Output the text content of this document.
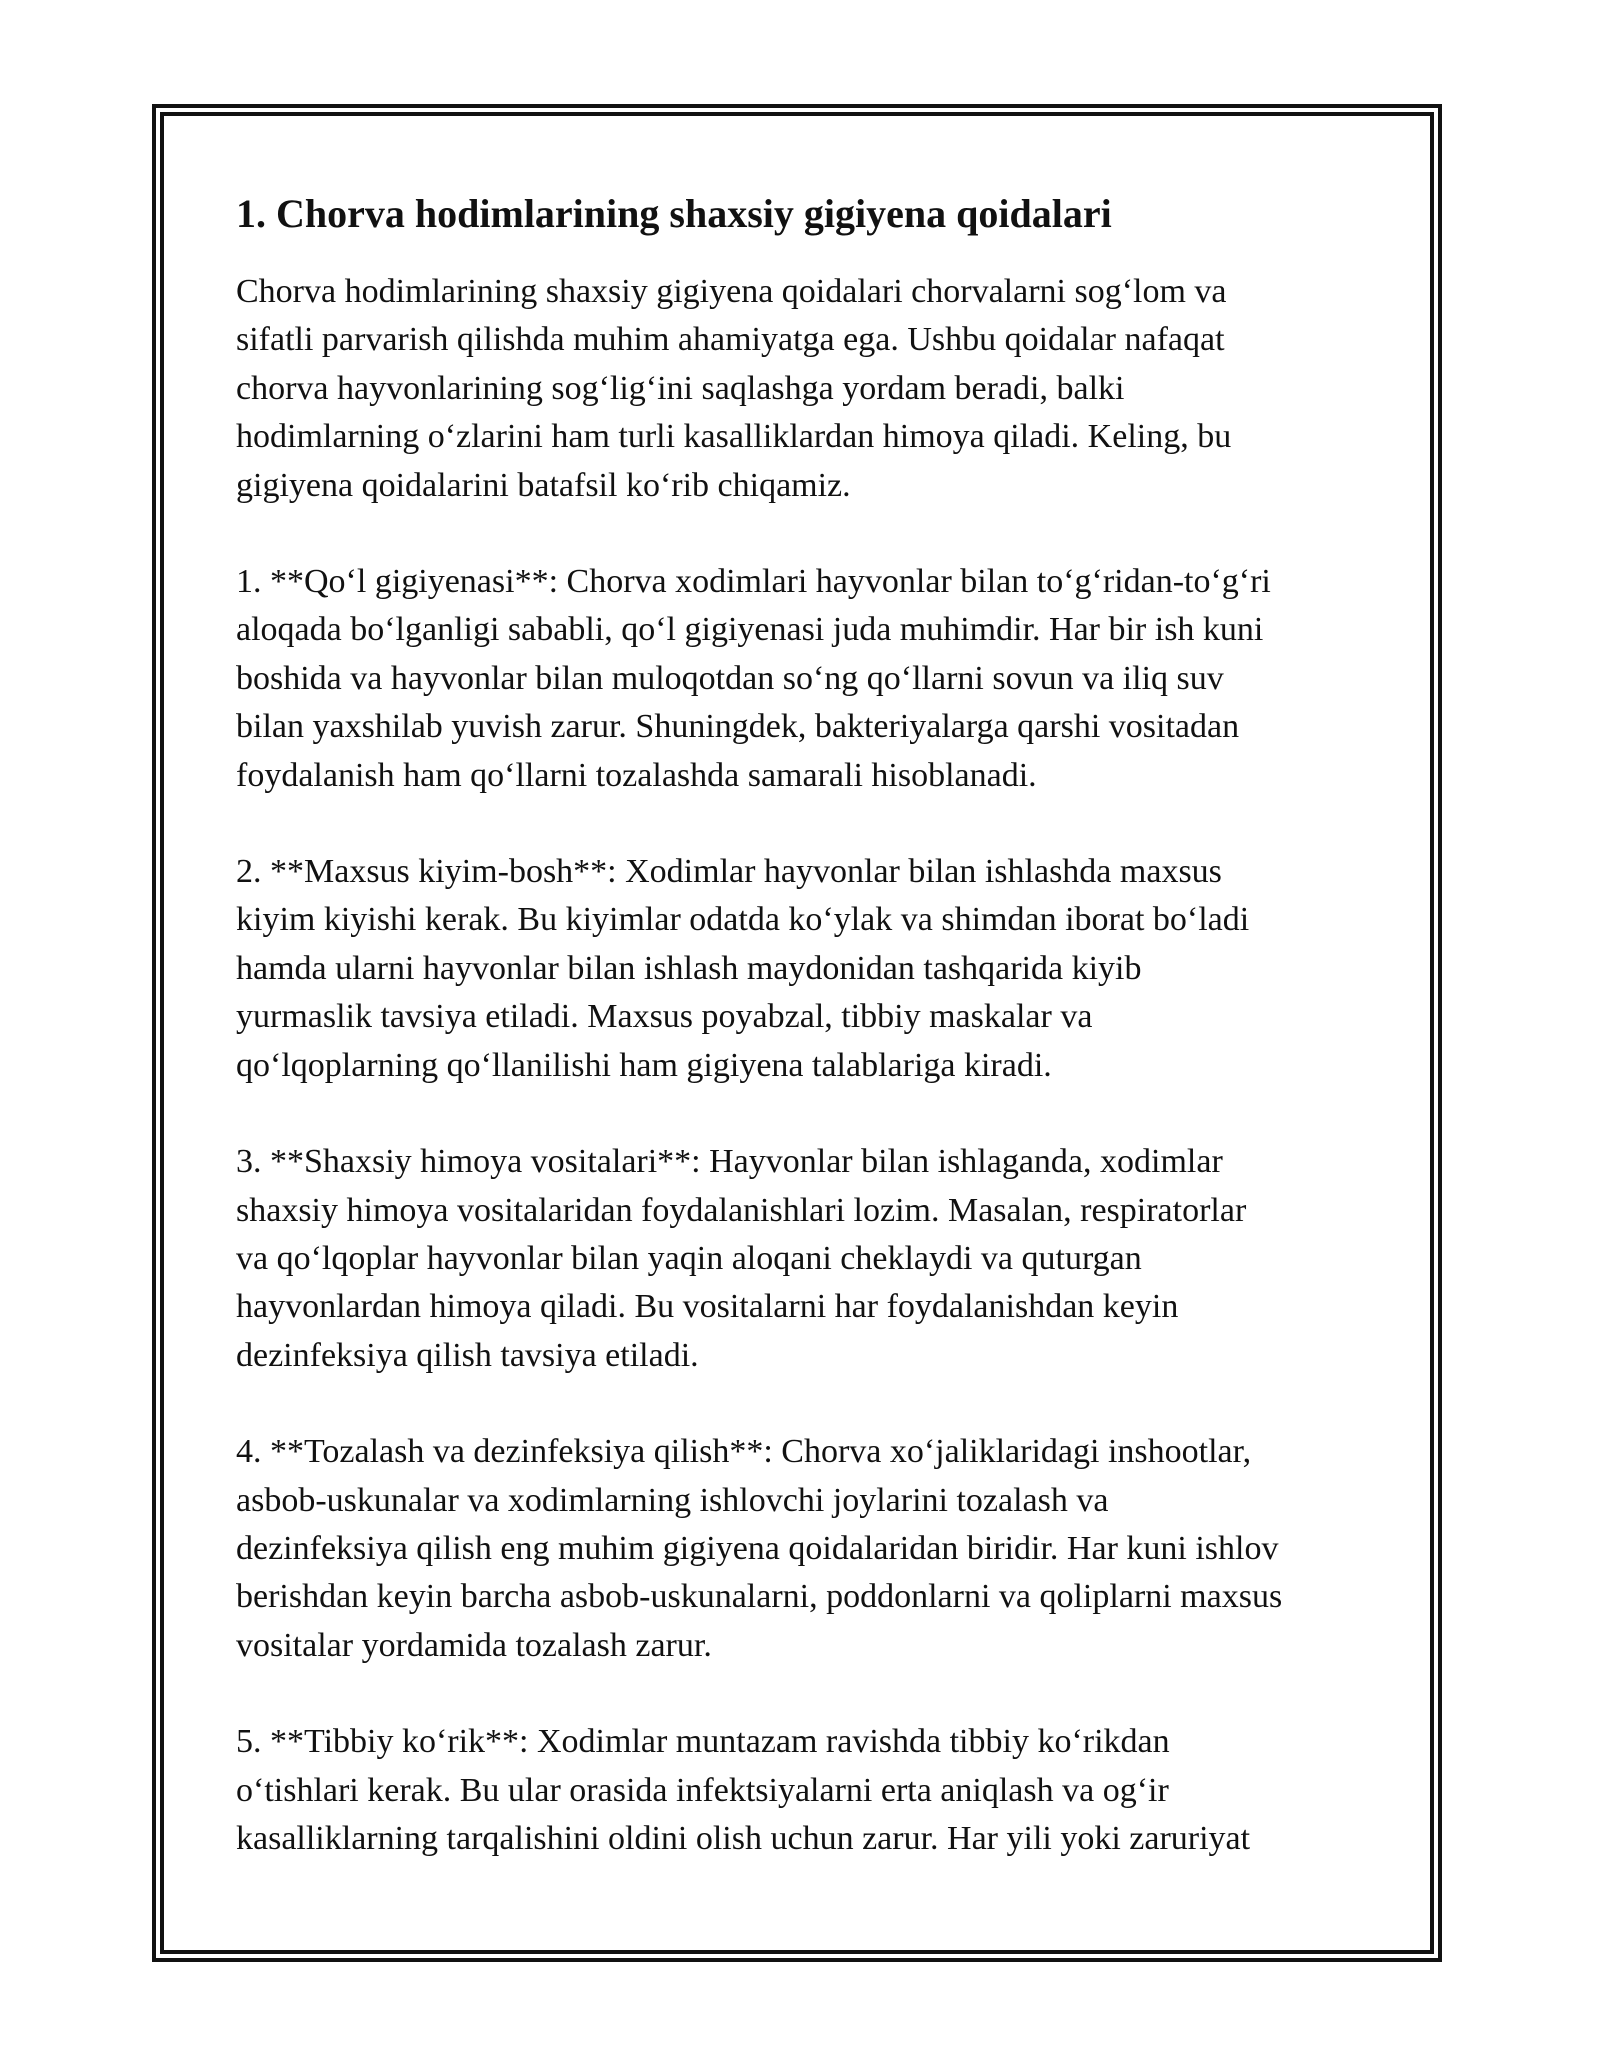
1. Chorva hodimlarining shaxsiy gigiyena qoidalari

Chorva hodimlarining shaxsiy gigiyena qoidalari chorvalarni sog‘lom va
sifatli parvarish qilishda muhim ahamiyatga ega. Ushbu qoidalar nafaqat
chorva hayvonlarining sog‘lig‘ini saqlashga yordam beradi, balki
hodimlarning o‘zlarini ham turli kasalliklardan himoya qiladi. Keling, bu
gigiyena qoidalarini batafsil ko‘rib chiqamiz.

1. **Qo‘l gigiyenasi**: Chorva xodimlari hayvonlar bilan to‘g‘ridan-to‘g‘ri
aloqada bo‘lganligi sababli, qo‘l gigiyenasi juda muhimdir. Har bir ish kuni
boshida va hayvonlar bilan muloqotdan so‘ng qo‘llarni sovun va iliq suv
bilan yaxshilab yuvish zarur. Shuningdek, bakteriyalarga qarshi vositadan
foydalanish ham qo‘llarni tozalashda samarali hisoblanadi.

2. **Maxsus kiyim-bosh**: Xodimlar hayvonlar bilan ishlashda maxsus
kiyim kiyishi kerak. Bu kiyimlar odatda ko‘ylak va shimdan iborat bo‘ladi
hamda ularni hayvonlar bilan ishlash maydonidan tashqarida kiyib
yurmaslik tavsiya etiladi. Maxsus poyabzal, tibbiy maskalar va
qo‘lqoplarning qo‘llanilishi ham gigiyena talablariga kiradi.

3. **Shaxsiy himoya vositalari**: Hayvonlar bilan ishlaganda, xodimlar
shaxsiy himoya vositalaridan foydalanishlari lozim. Masalan, respiratorlar
va qo‘lqoplar hayvonlar bilan yaqin aloqani cheklaydi va quturgan
hayvonlardan himoya qiladi. Bu vositalarni har foydalanishdan keyin
dezinfeksiya qilish tavsiya etiladi.

4. **Tozalash va dezinfeksiya qilish**: Chorva xo‘jaliklaridagi inshootlar,
asbob-uskunalar va xodimlarning ishlovchi joylarini tozalash va
dezinfeksiya qilish eng muhim gigiyena qoidalaridan biridir. Har kuni ishlov
berishdan keyin barcha asbob-uskunalarni, poddonlarni va qoliplarni maxsus
vositalar yordamida tozalash zarur.

5. **Tibbiy ko‘rik**: Xodimlar muntazam ravishda tibbiy ko‘rikdan
o‘tishlari kerak. Bu ular orasida infektsiyalarni erta aniqlash va og‘ir
kasalliklarning tarqalishini oldini olish uchun zarur. Har yili yoki zaruriyat
